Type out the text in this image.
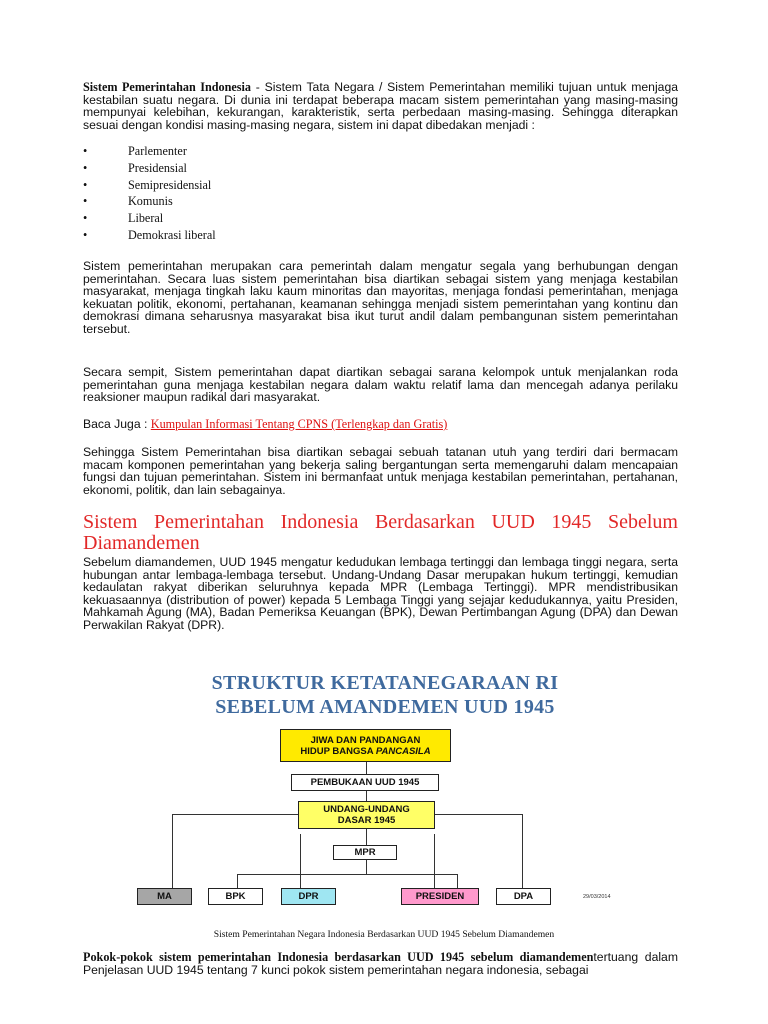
Sistem Pemerintahan Indonesia - Sistem Tata Negara / Sistem Pemerintahan memiliki tujuan untuk menjaga kestabilan suatu negara. Di dunia ini terdapat beberapa macam sistem pemerintahan yang masing-masing mempunyai kelebihan, kekurangan, karakteristik, serta perbedaan masing-masing. Sehingga diterapkan sesuai dengan kondisi masing-masing negara, sistem ini dapat dibedakan menjadi :
•	Parlementer
•	Presidensial
•	Semipresidensial
•	Komunis
•	Liberal
•	Demokrasi liberal
Sistem pemerintahan merupakan cara pemerintah dalam mengatur segala yang berhubungan dengan pemerintahan. Secara luas sistem pemerintahan bisa diartikan sebagai sistem yang menjaga kestabilan masyarakat, menjaga tingkah laku kaum minoritas dan mayoritas, menjaga fondasi pemerintahan, menjaga kekuatan politik, ekonomi, pertahanan, keamanan sehingga menjadi sistem pemerintahan yang kontinu dan demokrasi dimana seharusnya masyarakat bisa ikut turut andil dalam pembangunan sistem pemerintahan tersebut.
Secara sempit, Sistem pemerintahan dapat diartikan sebagai sarana kelompok untuk menjalankan roda pemerintahan guna menjaga kestabilan negara dalam waktu relatif lama dan mencegah adanya perilaku reaksioner maupun radikal dari masyarakat.
Baca Juga : Kumpulan Informasi Tentang CPNS (Terlengkap dan Gratis)
Sehingga Sistem Pemerintahan bisa diartikan sebagai sebuah tatanan utuh yang terdiri dari bermacam macam komponen pemerintahan yang bekerja saling bergantungan serta memengaruhi dalam mencapaian fungsi dan tujuan pemerintahan. Sistem ini bermanfaat untuk menjaga kestabilan pemerintahan, pertahanan, ekonomi, politik, dan lain sebagainya.
Sistem Pemerintahan Indonesia Berdasarkan UUD 1945 Sebelum Diamandemen
Sebelum diamandemen, UUD 1945 mengatur kedudukan lembaga tertinggi dan lembaga tinggi negara, serta hubungan antar lembaga-lembaga tersebut. Undang-Undang Dasar merupakan hukum tertinggi, kemudian kedaulatan rakyat diberikan seluruhnya kepada MPR (Lembaga Tertinggi). MPR mendistribusikan kekuasaannya (distribution of power) kepada 5 Lembaga Tinggi yang sejajar kedudukannya, yaitu Presiden, Mahkamah Agung (MA), Badan Pemeriksa Keuangan (BPK), Dewan Pertimbangan Agung (DPA) dan Dewan Perwakilan Rakyat (DPR).
STRUKTUR KETATANEGARAAN RI
SEBELUM AMANDEMEN UUD 1945
JIWA DAN PANDANGAN
HIDUP BANGSA PANCASILA
PEMBUKAAN UUD 1945
UNDANG-UNDANG
DASAR 1945
MPR
MA	BPK	DPR	PRESIDEN	DPA	29/03/2014
Sistem Pemerintahan Negara Indonesia Berdasarkan UUD 1945 Sebelum Diamandemen
Pokok-pokok sistem pemerintahan Indonesia berdasarkan UUD 1945 sebelum diamandementertuang dalam Penjelasan UUD 1945 tentang 7 kunci pokok sistem pemerintahan negara indonesia, sebagai
